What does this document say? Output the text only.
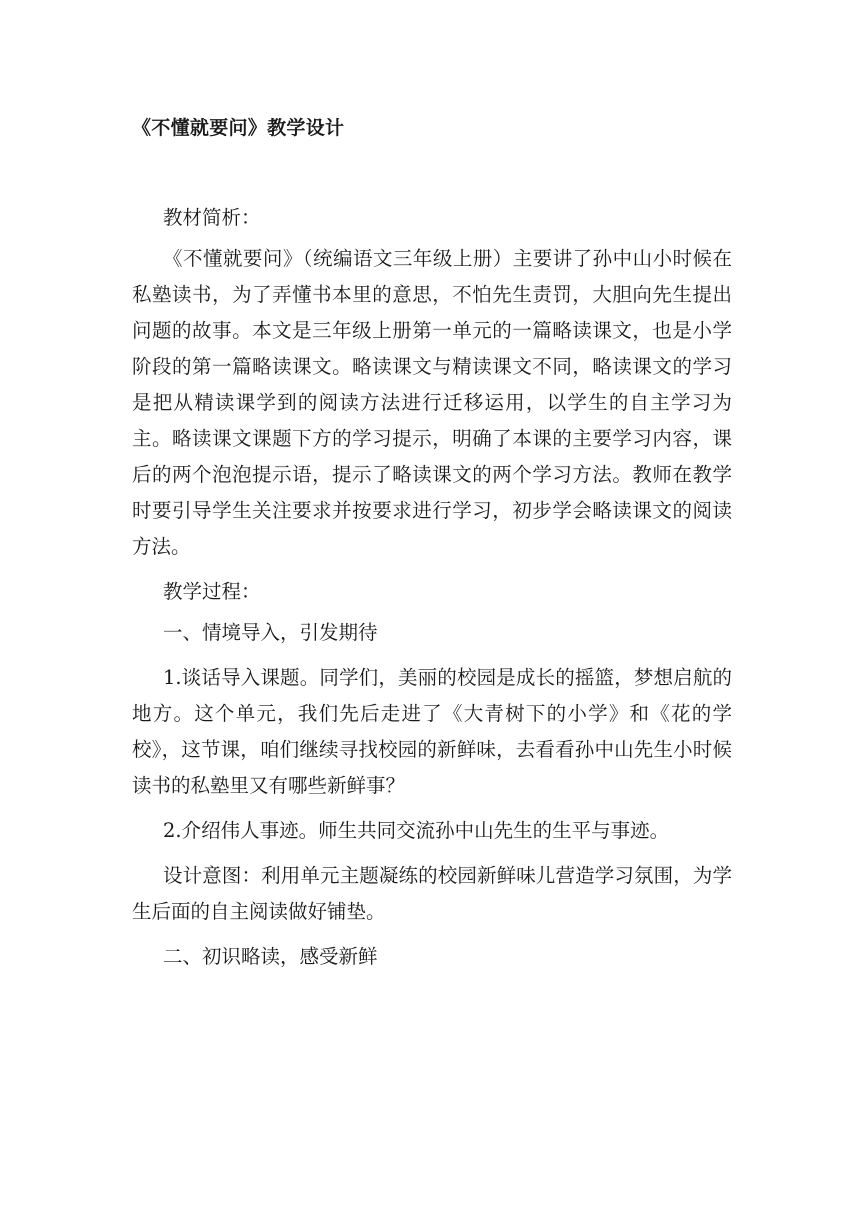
《不懂就要问》教学设计

教材简析：

《不懂就要问》（统编语文三年级上册）主要讲了孙中山小时候在私塾读书，为了弄懂书本里的意思，不怕先生责罚，大胆向先生提出问题的故事。本文是三年级上册第一单元的一篇略读课文，也是小学阶段的第一篇略读课文。略读课文与精读课文不同，略读课文的学习是把从精读课学到的阅读方法进行迁移运用，以学生的自主学习为主。略读课文课题下方的学习提示，明确了本课的主要学习内容，课后的两个泡泡提示语，提示了略读课文的两个学习方法。教师在教学时要引导学生关注要求并按要求进行学习，初步学会略读课文的阅读方法。

教学过程：

一、情境导入，引发期待

1.谈话导入课题。同学们，美丽的校园是成长的摇篮，梦想启航的地方。这个单元，我们先后走进了《大青树下的小学》和《花的学校》，这节课，咱们继续寻找校园的新鲜味，去看看孙中山先生小时候读书的私塾里又有哪些新鲜事？

2.介绍伟人事迹。师生共同交流孙中山先生的生平与事迹。

设计意图：利用单元主题凝练的校园新鲜味儿营造学习氛围，为学生后面的自主阅读做好铺垫。

二、初识略读，感受新鲜
